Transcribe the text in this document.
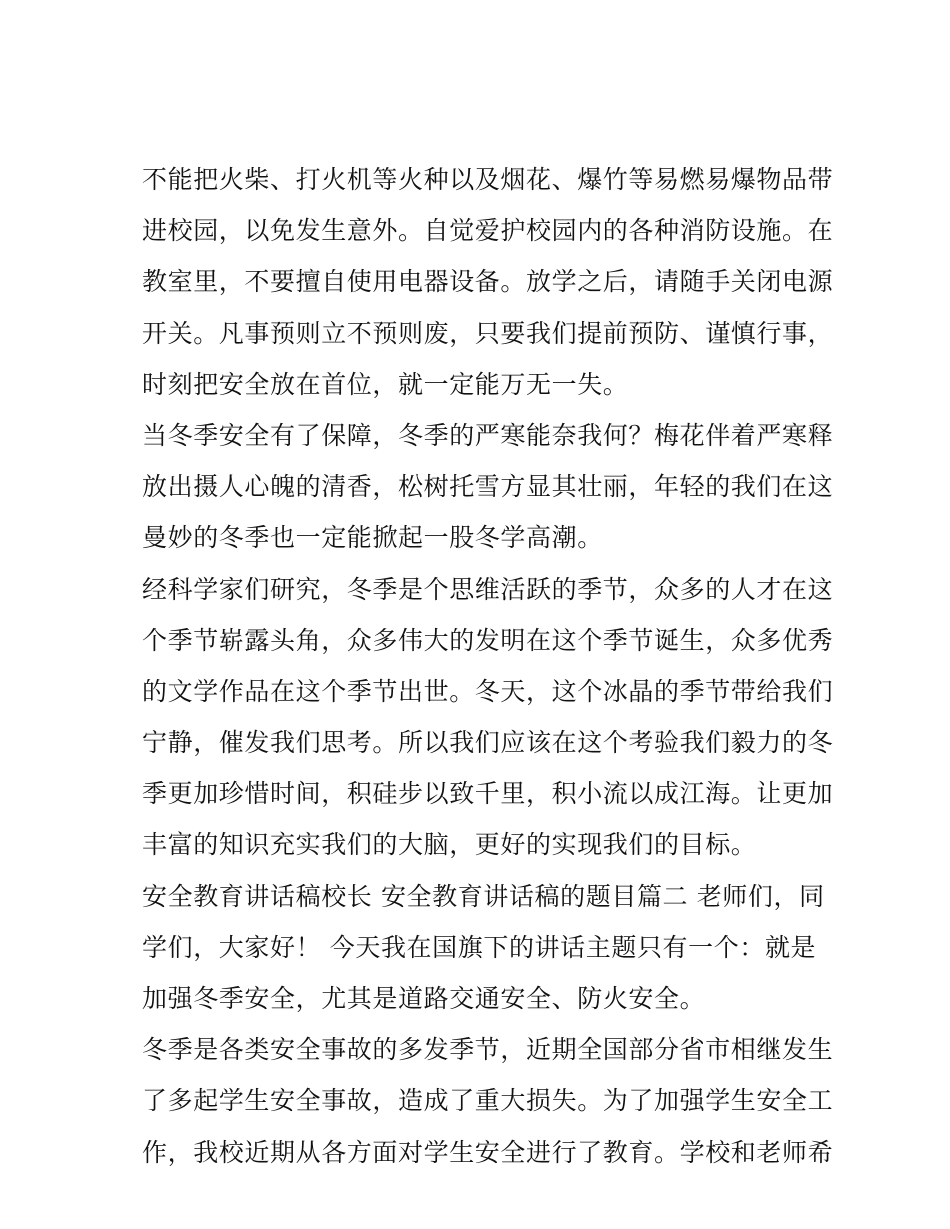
不能把火柴、打火机等火种以及烟花、爆竹等易燃易爆物品带
进校园，以免发生意外。自觉爱护校园内的各种消防设施。在
教室里，不要擅自使用电器设备。放学之后，请随手关闭电源
开关。凡事预则立不预则废，只要我们提前预防、谨慎行事，
时刻把安全放在首位，就一定能万无一失。
当冬季安全有了保障，冬季的严寒能奈我何？梅花伴着严寒释
放出摄人心魄的清香，松树托雪方显其壮丽，年轻的我们在这
曼妙的冬季也一定能掀起一股冬学高潮。
经科学家们研究，冬季是个思维活跃的季节，众多的人才在这
个季节崭露头角，众多伟大的发明在这个季节诞生，众多优秀
的文学作品在这个季节出世。冬天，这个冰晶的季节带给我们
宁静，催发我们思考。所以我们应该在这个考验我们毅力的冬
季更加珍惜时间，积硅步以致千里，积小流以成江海。让更加
丰富的知识充实我们的大脑，更好的实现我们的目标。
安全教育讲话稿校长 安全教育讲话稿的题目篇二 老师们，同
学们，大家好！ 今天我在国旗下的讲话主题只有一个：就是
加强冬季安全，尤其是道路交通安全、防火安全。
冬季是各类安全事故的多发季节，近期全国部分省市相继发生
了多起学生安全事故，造成了重大损失。为了加强学生安全工
作，我校近期从各方面对学生安全进行了教育。学校和老师希
